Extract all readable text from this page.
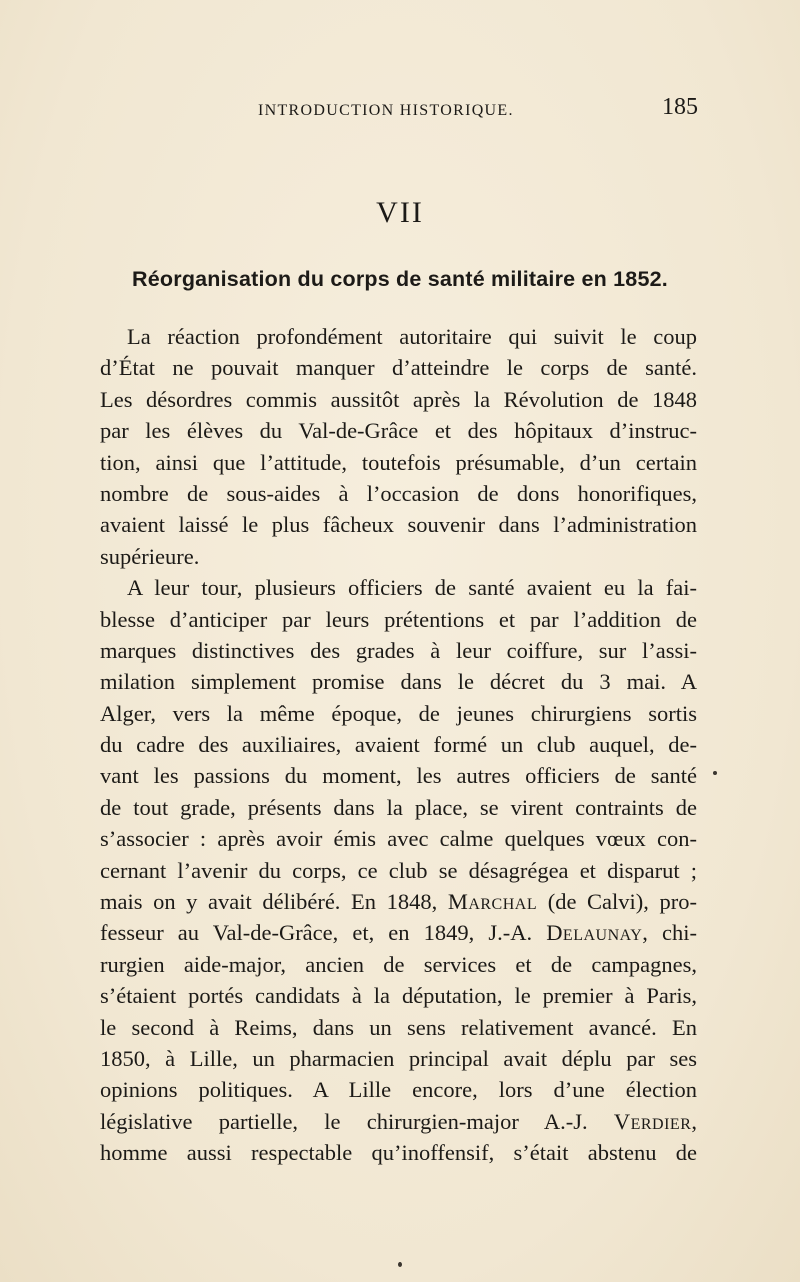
INTRODUCTION HISTORIQUE.	185
VII
Réorganisation du corps de santé militaire en 1852.
La réaction profondément autoritaire qui suivit le coup
d’État ne pouvait manquer d’atteindre le corps de santé.
Les désordres commis aussitôt après la Révolution de 1848
par les élèves du Val-de-Grâce et des hôpitaux d’instruc-
tion, ainsi que l’attitude, toutefois présumable, d’un certain
nombre de sous-aides à l’occasion de dons honorifiques,
avaient laissé le plus fâcheux souvenir dans l’administration
supérieure.
A leur tour, plusieurs officiers de santé avaient eu la fai-
blesse d’anticiper par leurs prétentions et par l’addition de
marques distinctives des grades à leur coiffure, sur l’assi-
milation simplement promise dans le décret du 3 mai. A
Alger, vers la même époque, de jeunes chirurgiens sortis
du cadre des auxiliaires, avaient formé un club auquel, de-
vant les passions du moment, les autres officiers de santé
de tout grade, présents dans la place, se virent contraints de
s’associer : après avoir émis avec calme quelques vœux con-
cernant l’avenir du corps, ce club se désagrégea et disparut ;
mais on y avait délibéré. En 1848, Marchal (de Calvi), pro-
fesseur au Val-de-Grâce, et, en 1849, J.-A. Delaunay, chi-
rurgien aide-major, ancien de services et de campagnes,
s’étaient portés candidats à la députation, le premier à Paris,
le second à Reims, dans un sens relativement avancé. En
1850, à Lille, un pharmacien principal avait déplu par ses
opinions politiques. A Lille encore, lors d’une élection
législative partielle, le chirurgien-major A.-J. Verdier,
homme aussi respectable qu’inoffensif, s’était abstenu de
